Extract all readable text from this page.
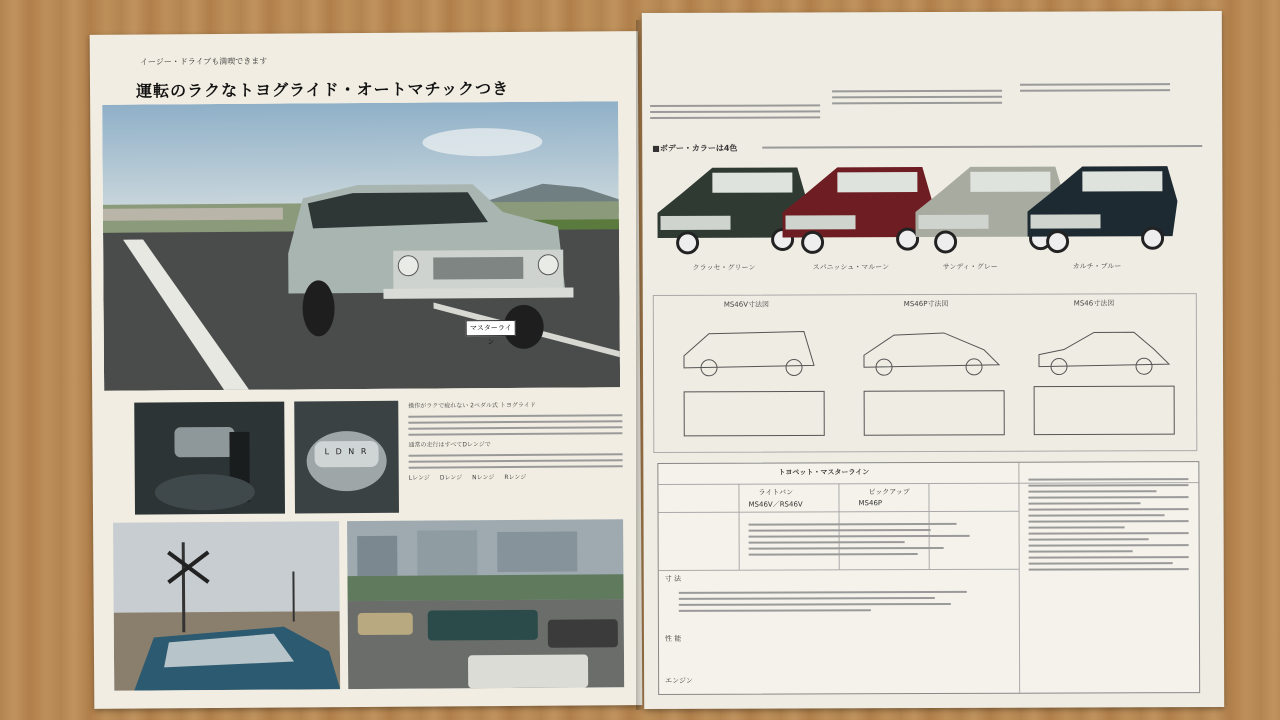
イージー・ドライブも満喫できます
運転のラクなトヨグライド・オートマチックつき
マスターライン
L D N R
操作がラクで疲れない 2ペダル式 トヨグライド
通常の走行はすべてDレンジで
Lレンジ Dレンジ Nレンジ Rレンジ
■ボデー・カラーは4色
クラッセ・グリーン	スパニッシュ・マルーン	サンディ・グレー	カルチ・ブルー
MS46V寸法図	MS46P寸法図	MS46寸法図
トヨペット・マスターライン
ライトバン	ピックアップ
MS46V／RS46V	MS46P
寸 法
性 能
エンジン
